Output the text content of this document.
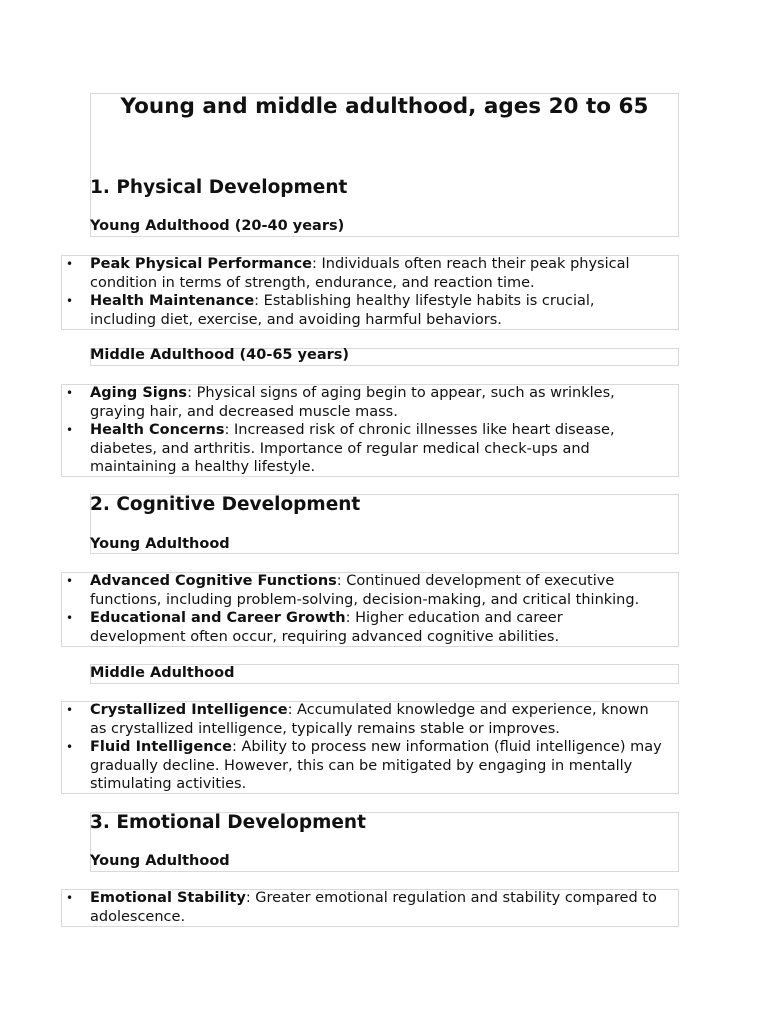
Young and middle adulthood, ages 20 to 65
1. Physical Development
Young Adulthood (20-40 years)
• Peak Physical Performance: Individuals often reach their peak physical condition in terms of strength, endurance, and reaction time.
• Health Maintenance: Establishing healthy lifestyle habits is crucial, including diet, exercise, and avoiding harmful behaviors.
Middle Adulthood (40-65 years)
• Aging Signs: Physical signs of aging begin to appear, such as wrinkles, graying hair, and decreased muscle mass.
• Health Concerns: Increased risk of chronic illnesses like heart disease, diabetes, and arthritis. Importance of regular medical check-ups and maintaining a healthy lifestyle.
2. Cognitive Development
Young Adulthood
• Advanced Cognitive Functions: Continued development of executive functions, including problem-solving, decision-making, and critical thinking.
• Educational and Career Growth: Higher education and career development often occur, requiring advanced cognitive abilities.
Middle Adulthood
• Crystallized Intelligence: Accumulated knowledge and experience, known as crystallized intelligence, typically remains stable or improves.
• Fluid Intelligence: Ability to process new information (fluid intelligence) may gradually decline. However, this can be mitigated by engaging in mentally stimulating activities.
3. Emotional Development
Young Adulthood
• Emotional Stability: Greater emotional regulation and stability compared to adolescence.
